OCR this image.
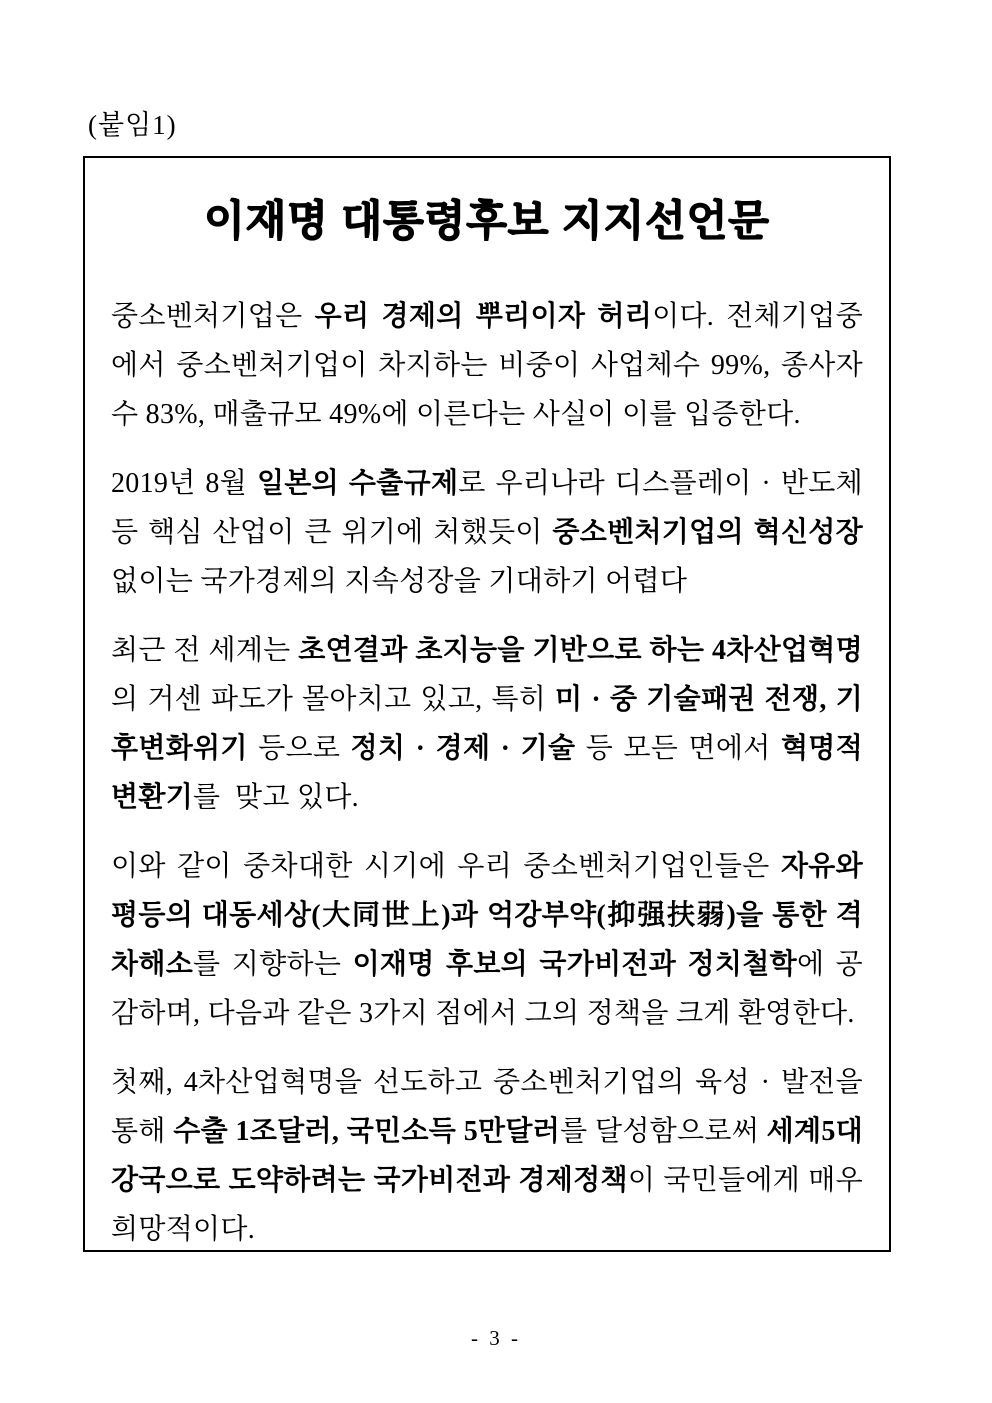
(붙임1)
이재명 대통령후보 지지선언문

중소벤처기업은 우리 경제의 뿌리이자 허리이다. 전체기업중에서 중소벤처기업이 차지하는 비중이 사업체수 99%, 종사자수 83%, 매출규모 49%에 이른다는 사실이 이를 입증한다.

2019년 8월 일본의 수출규제로 우리나라 디스플레이 · 반도체 등 핵심 산업이 큰 위기에 처했듯이 중소벤처기업의 혁신성장 없이는 국가경제의 지속성장을 기대하기 어렵다

최근 전 세계는 초연결과 초지능을 기반으로 하는 4차산업혁명의 거센 파도가 몰아치고 있고, 특히 미 · 중 기술패권 전쟁, 기후변화위기 등으로 정치 · 경제 · 기술 등 모든 면에서 혁명적 변환기를  맞고 있다.

이와 같이 중차대한 시기에 우리 중소벤처기업인들은 자유와 평등의 대동세상(大同世上)과 억강부약(抑强扶弱)을 통한 격차해소를 지향하는 이재명 후보의 국가비전과 정치철학에 공감하며, 다음과 같은 3가지 점에서 그의 정책을 크게 환영한다.

첫째, 4차산업혁명을 선도하고 중소벤처기업의 육성 · 발전을 통해 수출 1조달러, 국민소득 5만달러를 달성함으로써 세계5대 강국으로 도약하려는 국가비전과 경제정책이 국민들에게 매우 희망적이다.

- 3 -
